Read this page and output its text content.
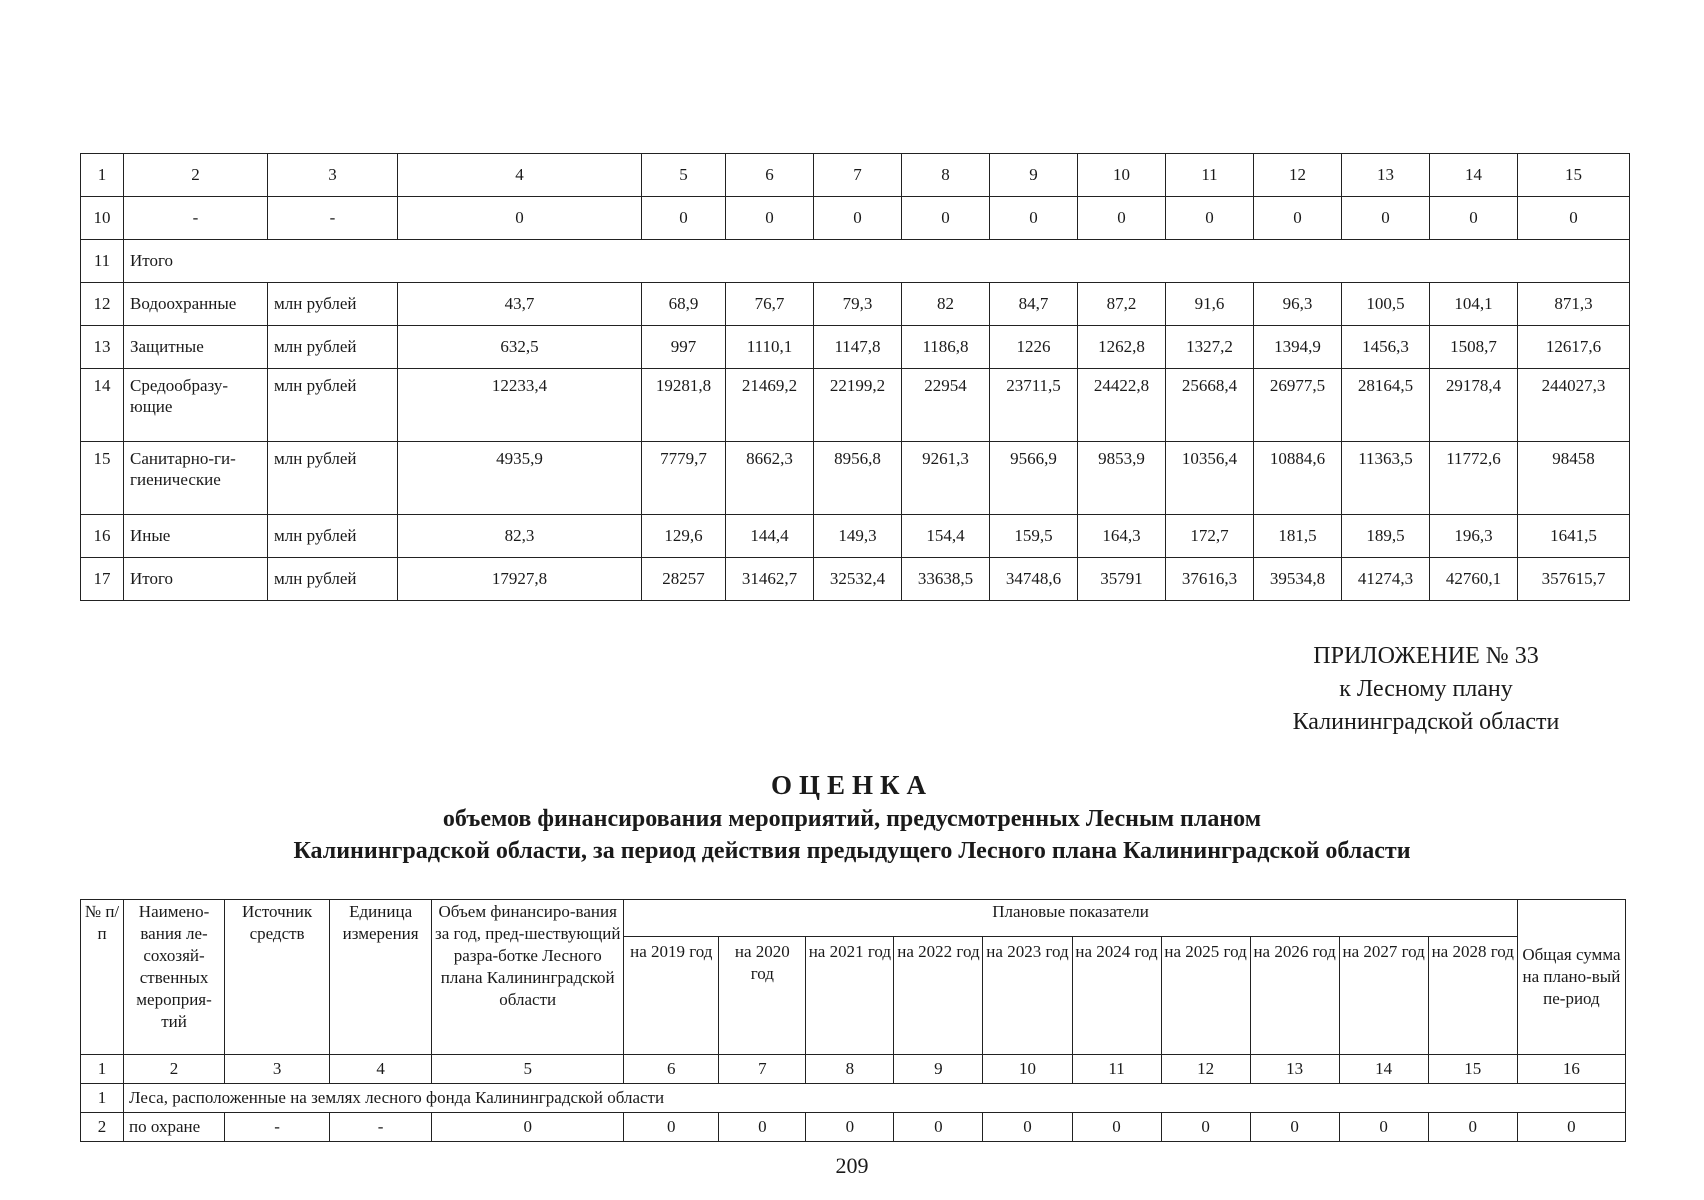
1	2	3	4	5	6	7	8	9	10	11	12	13	14	15
10	-	-	0	0	0	0	0	0	0	0	0	0	0	0
11	Итого													
12	Водоохранные	млн рублей	43,7	68,9	76,7	79,3	82	84,7	87,2	91,6	96,3	100,5	104,1	871,3
13	Защитные	млн рублей	632,5	997	1110,1	1147,8	1186,8	1226	1262,8	1327,2	1394,9	1456,3	1508,7	12617,6
14	Средообразу-ющие	млн рублей	12233,4	19281,8	21469,2	22199,2	22954	23711,5	24422,8	25668,4	26977,5	28164,5	29178,4	244027,3
15	Санитарно-ги-гиенические	млн рублей	4935,9	7779,7	8662,3	8956,8	9261,3	9566,9	9853,9	10356,4	10884,6	11363,5	11772,6	98458
16	Иные	млн рублей	82,3	129,6	144,4	149,3	154,4	159,5	164,3	172,7	181,5	189,5	196,3	1641,5
17	Итого	млн рублей	17927,8	28257	31462,7	32532,4	33638,5	34748,6	35791	37616,3	39534,8	41274,3	42760,1	357615,7
ПРИЛОЖЕНИЕ № 33
к Лесному плану
Калининградской области
ОЦЕНКА
объемов финансирования мероприятий, предусмотренных Лесным планом
Калининградской области, за период действия предыдущего Лесного плана Калининградской области
№ п/п	Наимено-вания ле-сохозяй-ственных мероприя-тий	Источник средств	Единица измерения	Объем финансиро-вания за год, пред-шествующий разра-ботке Лесного плана Калининградской области	Плановые показатели										Общая сумма на плано-вый пе-риод
					на 2019 год	на 2020 год	на 2021 год	на 2022 год	на 2023 год	на 2024 год	на 2025 год	на 2026 год	на 2027 год	на 2028 год	
1	2	3	4	5	6	7	8	9	10	11	12	13	14	15	16
1	Леса, расположенные на землях лесного фонда Калининградской области														
2	по охране	-	-	0	0	0	0	0	0	0	0	0	0	0	0
209
